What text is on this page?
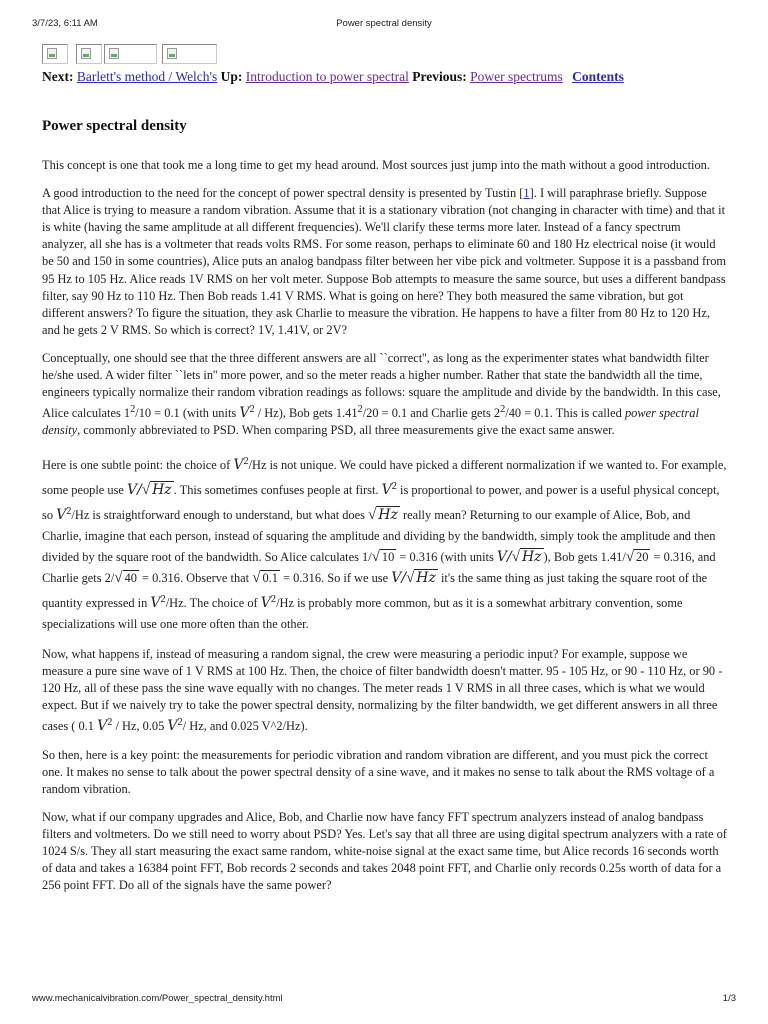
3/7/23, 6:11 AM	Power spectral density
Next: Barlett's method / Welch's Up: Introduction to power spectral Previous: Power spectrums Contents
Power spectral density

This concept is one that took me a long time to get my head around. Most sources just jump into the math without a good introduction.

A good introduction to the need for the concept of power spectral density is presented by Tustin [1]. I will paraphrase briefly. Suppose that Alice is trying to measure a random vibration. Assume that it is a stationary vibration (not changing in character with time) and that it is white (having the same amplitude at all different frequencies). We'll clarify these terms more later. Instead of a fancy spectrum analyzer, all she has is a voltmeter that reads volts RMS. For some reason, perhaps to eliminate 60 and 180 Hz electrical noise (it would be 50 and 150 in some countries), Alice puts an analog bandpass filter between her vibe pick and voltmeter. Suppose it is a passband from 95 Hz to 105 Hz. Alice reads 1V RMS on her volt meter. Suppose Bob attempts to measure the same source, but uses a different bandpass filter, say 90 Hz to 110 Hz. Then Bob reads 1.41 V RMS. What is going on here? They both measured the same vibration, but got different answers? To figure the situation, they ask Charlie to measure the vibration. He happens to have a filter from 80 Hz to 120 Hz, and he gets 2 V RMS. So which is correct? 1V, 1.41V, or 2V?

Conceptually, one should see that the three different answers are all ``correct'', as long as the experimenter states what bandwidth filter he/she used. A wider filter ``lets in'' more power, and so the meter reads a higher number. Rather that state the bandwidth all the time, engineers typically normalize their random vibration readings as follows: square the amplitude and divide by the bandwidth. In this case, Alice calculates $1^2/10 = 0.1$ (with units $V^2 / Hz$), Bob gets $1.41^2/20 = 0.1$ and Charlie gets $2^2/40 = 0.1$. This is called power spectral density, commonly abbreviated to PSD. When comparing PSD, all three measurements give the exact same answer.

Here is one subtle point: the choice of $V^2/Hz$ is not unique. We could have picked a different normalization if we wanted to. For example, some people use V/√ Hz . This sometimes confuses people at first. $V^2$ is proportional to power, and power is a useful physical concept, so $V^2/Hz$ is straightforward enough to understand, but what does √ Hz really mean? Returning to our example of Alice, Bob, and Charlie, imagine that each person, instead of squaring the amplitude and dividing by the bandwidth, simply took the amplitude and then divided by the square root of the bandwidth. So Alice calculates 1/√ 10 = 0.316 (with units V/√ Hz ), Bob gets 1.41/√ 20 = 0.316, and Charlie gets 2/√ 40 = 0.316. Observe that √ 0.1 = 0.316. So if we use V/√ Hz it's the same thing as just taking the square root of the quantity expressed in $V^2/Hz$. The choice of $V^2/Hz$ is probably more common, but as it is a somewhat arbitrary convention, some specializations will use one more often than the other.

Now, what happens if, instead of measuring a random signal, the crew were measuring a periodic input? For example, suppose we measure a pure sine wave of 1 V RMS at 100 Hz. Then, the choice of filter bandwidth doesn't matter. 95 - 105 Hz, or 90 - 110 Hz, or 90 - 120 Hz, all of these pass the sine wave equally with no changes. The meter reads 1 V RMS in all three cases, which is what we would expect. But if we naively try to take the power spectral density, normalizing by the filter bandwidth, we get different answers in all three cases ( 0.1 $V^2$ / Hz, 0.05 $V^2/$ Hz, and 0.025 V^2/Hz).

So then, here is a key point: the measurements for periodic vibration and random vibration are different, and you must pick the correct one. It makes no sense to talk about the power spectral density of a sine wave, and it makes no sense to talk about the RMS voltage of a random vibration.

Now, what if our company upgrades and Alice, Bob, and Charlie now have fancy FFT spectrum analyzers instead of analog bandpass filters and voltmeters. Do we still need to worry about PSD? Yes. Let's say that all three are using digital spectrum analyzers with a rate of 1024 S/s. They all start measuring the exact same random, white-noise signal at the exact same time, but Alice records 16 seconds worth of data and takes a 16384 point FFT, Bob records 2 seconds and takes 2048 point FFT, and Charlie only records 0.25s worth of data for a 256 point FFT. Do all of the signals have the same power?

www.mechanicalvibration.com/Power_spectral_density.html	1/3
